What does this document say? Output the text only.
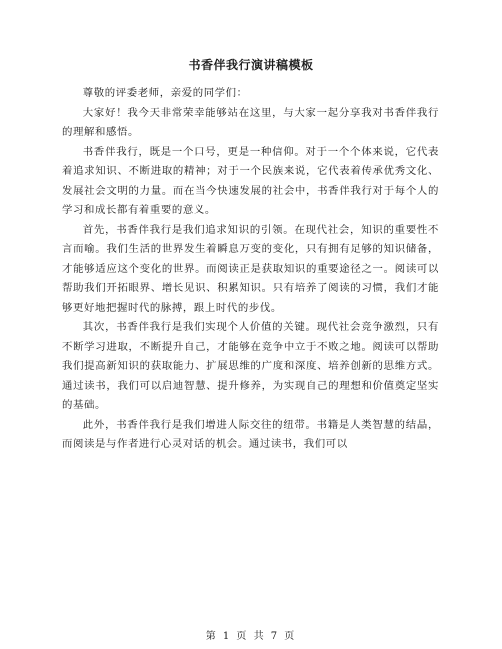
书香伴我行演讲稿模板

尊敬的评委老师，亲爱的同学们：

大家好！我今天非常荣幸能够站在这里，与大家一起分享我对书香伴我行的理解和感悟。

书香伴我行，既是一个口号，更是一种信仰。对于一个个体来说，它代表着追求知识、不断进取的精神；对于一个民族来说，它代表着传承优秀文化、发展社会文明的力量。而在当今快速发展的社会中，书香伴我行对于每个人的学习和成长都有着重要的意义。

首先，书香伴我行是我们追求知识的引领。在现代社会，知识的重要性不言而喻。我们生活的世界发生着瞬息万变的变化，只有拥有足够的知识储备，才能够适应这个变化的世界。而阅读正是获取知识的重要途径之一。阅读可以帮助我们开拓眼界、增长见识、积累知识。只有培养了阅读的习惯，我们才能够更好地把握时代的脉搏，跟上时代的步伐。

其次，书香伴我行是我们实现个人价值的关键。现代社会竞争激烈，只有不断学习进取，不断提升自己，才能够在竞争中立于不败之地。阅读可以帮助我们提高新知识的获取能力、扩展思维的广度和深度、培养创新的思维方式。通过读书，我们可以启迪智慧、提升修养，为实现自己的理想和价值奠定坚实的基础。

此外，书香伴我行是我们增进人际交往的纽带。书籍是人类智慧的结晶，而阅读是与作者进行心灵对话的机会。通过读书，我们可以

第 1 页 共 7 页
